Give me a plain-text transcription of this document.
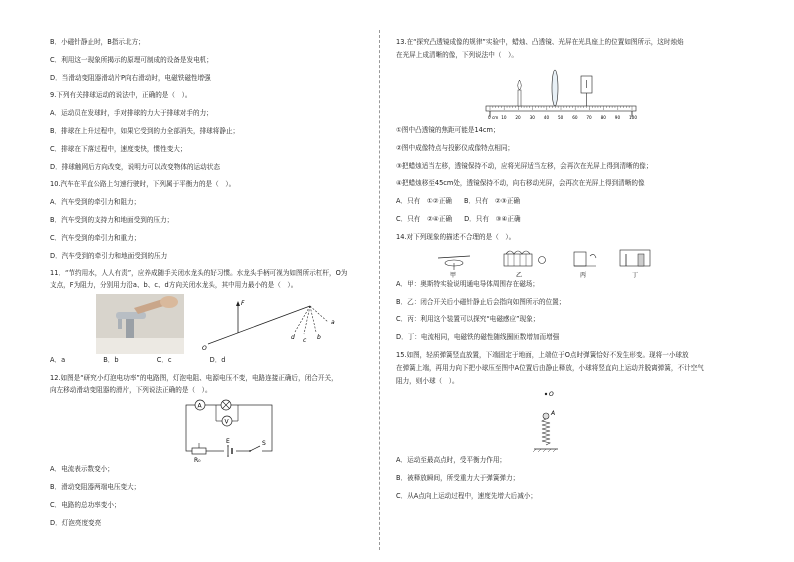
B．小磁针静止时，B指示北方；
C．利用这一现象所揭示的原理可制成的设备是发电机；
D．当滑动变阻器滑动片P向右滑动时，电磁铁磁性增强
9.下列有关排球运动的说法中，正确的是（　）。
A．运动员在发球时，手对排球的力大于排球对手的力；
B．排球在上升过程中，如果它受到的力全部消失，排球将静止；
C．排球在下落过程中，速度变快，惯性变大；
D．排球触网后方向改变，说明力可以改变物体的运动状态
10.汽车在平直公路上匀速行驶时，下列属于平衡力的是（　）。
A．汽车受到的牵引力和阻力；
B．汽车受到的支持力和地面受到的压力；
C．汽车受到的牵引力和重力；
D．汽车受到的牵引力和地面受到的压力
11．“节约用水，人人有责”，应养成随手关闭水龙头的好习惯。水龙头手柄可视为如图所示杠杆，O为
支点，F为阻力，分别用力沿a、b、c、d方向关闭水龙头，其中用力最小的是（　）。
F
O
a
b
c
d
A．a	B．b	C．c	D．d
12.如图是“研究小灯泡电功率”的电路图，灯泡电阻、电源电压不变，电路连接正确后，闭合开关，
向左移动滑动变阻器的滑片，下列说法正确的是（　）。
A
V
E	S
R₀
A．电流表示数变小；
B．滑动变阻器两端电压变大；
C．电路的总功率变小；
D．灯泡亮度变亮
13.在“探究凸透镜成像的规律”实验中，蜡烛、凸透镜、光屏在光具座上的位置如图所示，这时烛焰
在光屏上成清晰的像，下列说法中（　）。
0 cm 10 20 30 40 50 60 70 80 90 100
①图中凸透镜的焦距可能是14cm；
②图中成像特点与投影仪成像特点相同；
③把蜡烛适当左移，透镜保持不动，应将光屏适当左移，会再次在光屏上得到清晰的像；
④把蜡烛移至45cm处，透镜保持不动，向右移动光屏，会再次在光屏上得到清晰的像
A．只有　①②正确 B．只有　②③正确
C．只有　②④正确 D．只有　③④正确
14.对下列现象的描述不合理的是（　）。
甲	乙	丙	丁
A．甲：奥斯特实验说明通电导体周围存在磁场；
B．乙：闭合开关后小磁针静止后会指向如图所示的位置；
C．丙：利用这个装置可以探究“电磁感应”现象；
D．丁：电流相同，电磁铁的磁性随线圈匝数增加而增强
15.如图，轻质弹簧竖直放置，下端固定于地面，上端位于O点时弹簧恰好不发生形变。现将一小球放
在弹簧上端，再用力向下把小球压至图中A位置后由静止释放，小球将竖直向上运动并脱离弹簧，不计空气
阻力，则小球（　）。
O
A
A．运动至最高点时，受平衡力作用；
B．被释放瞬间，所受重力大于弹簧弹力；
C．从A点向上运动过程中，速度先增大后减小；
